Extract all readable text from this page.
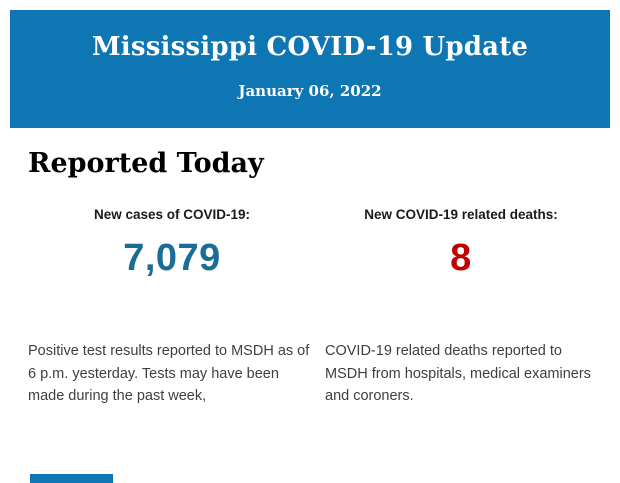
Mississippi COVID-19 Update
January 06, 2022
Reported Today
New cases of COVID-19:
7,079
New COVID-19 related deaths:
8

Positive test results reported to MSDH as of 6 p.m. yesterday. Tests may have been made during the past week,

COVID-19 related deaths reported to MSDH from hospitals, medical examiners and coroners.
